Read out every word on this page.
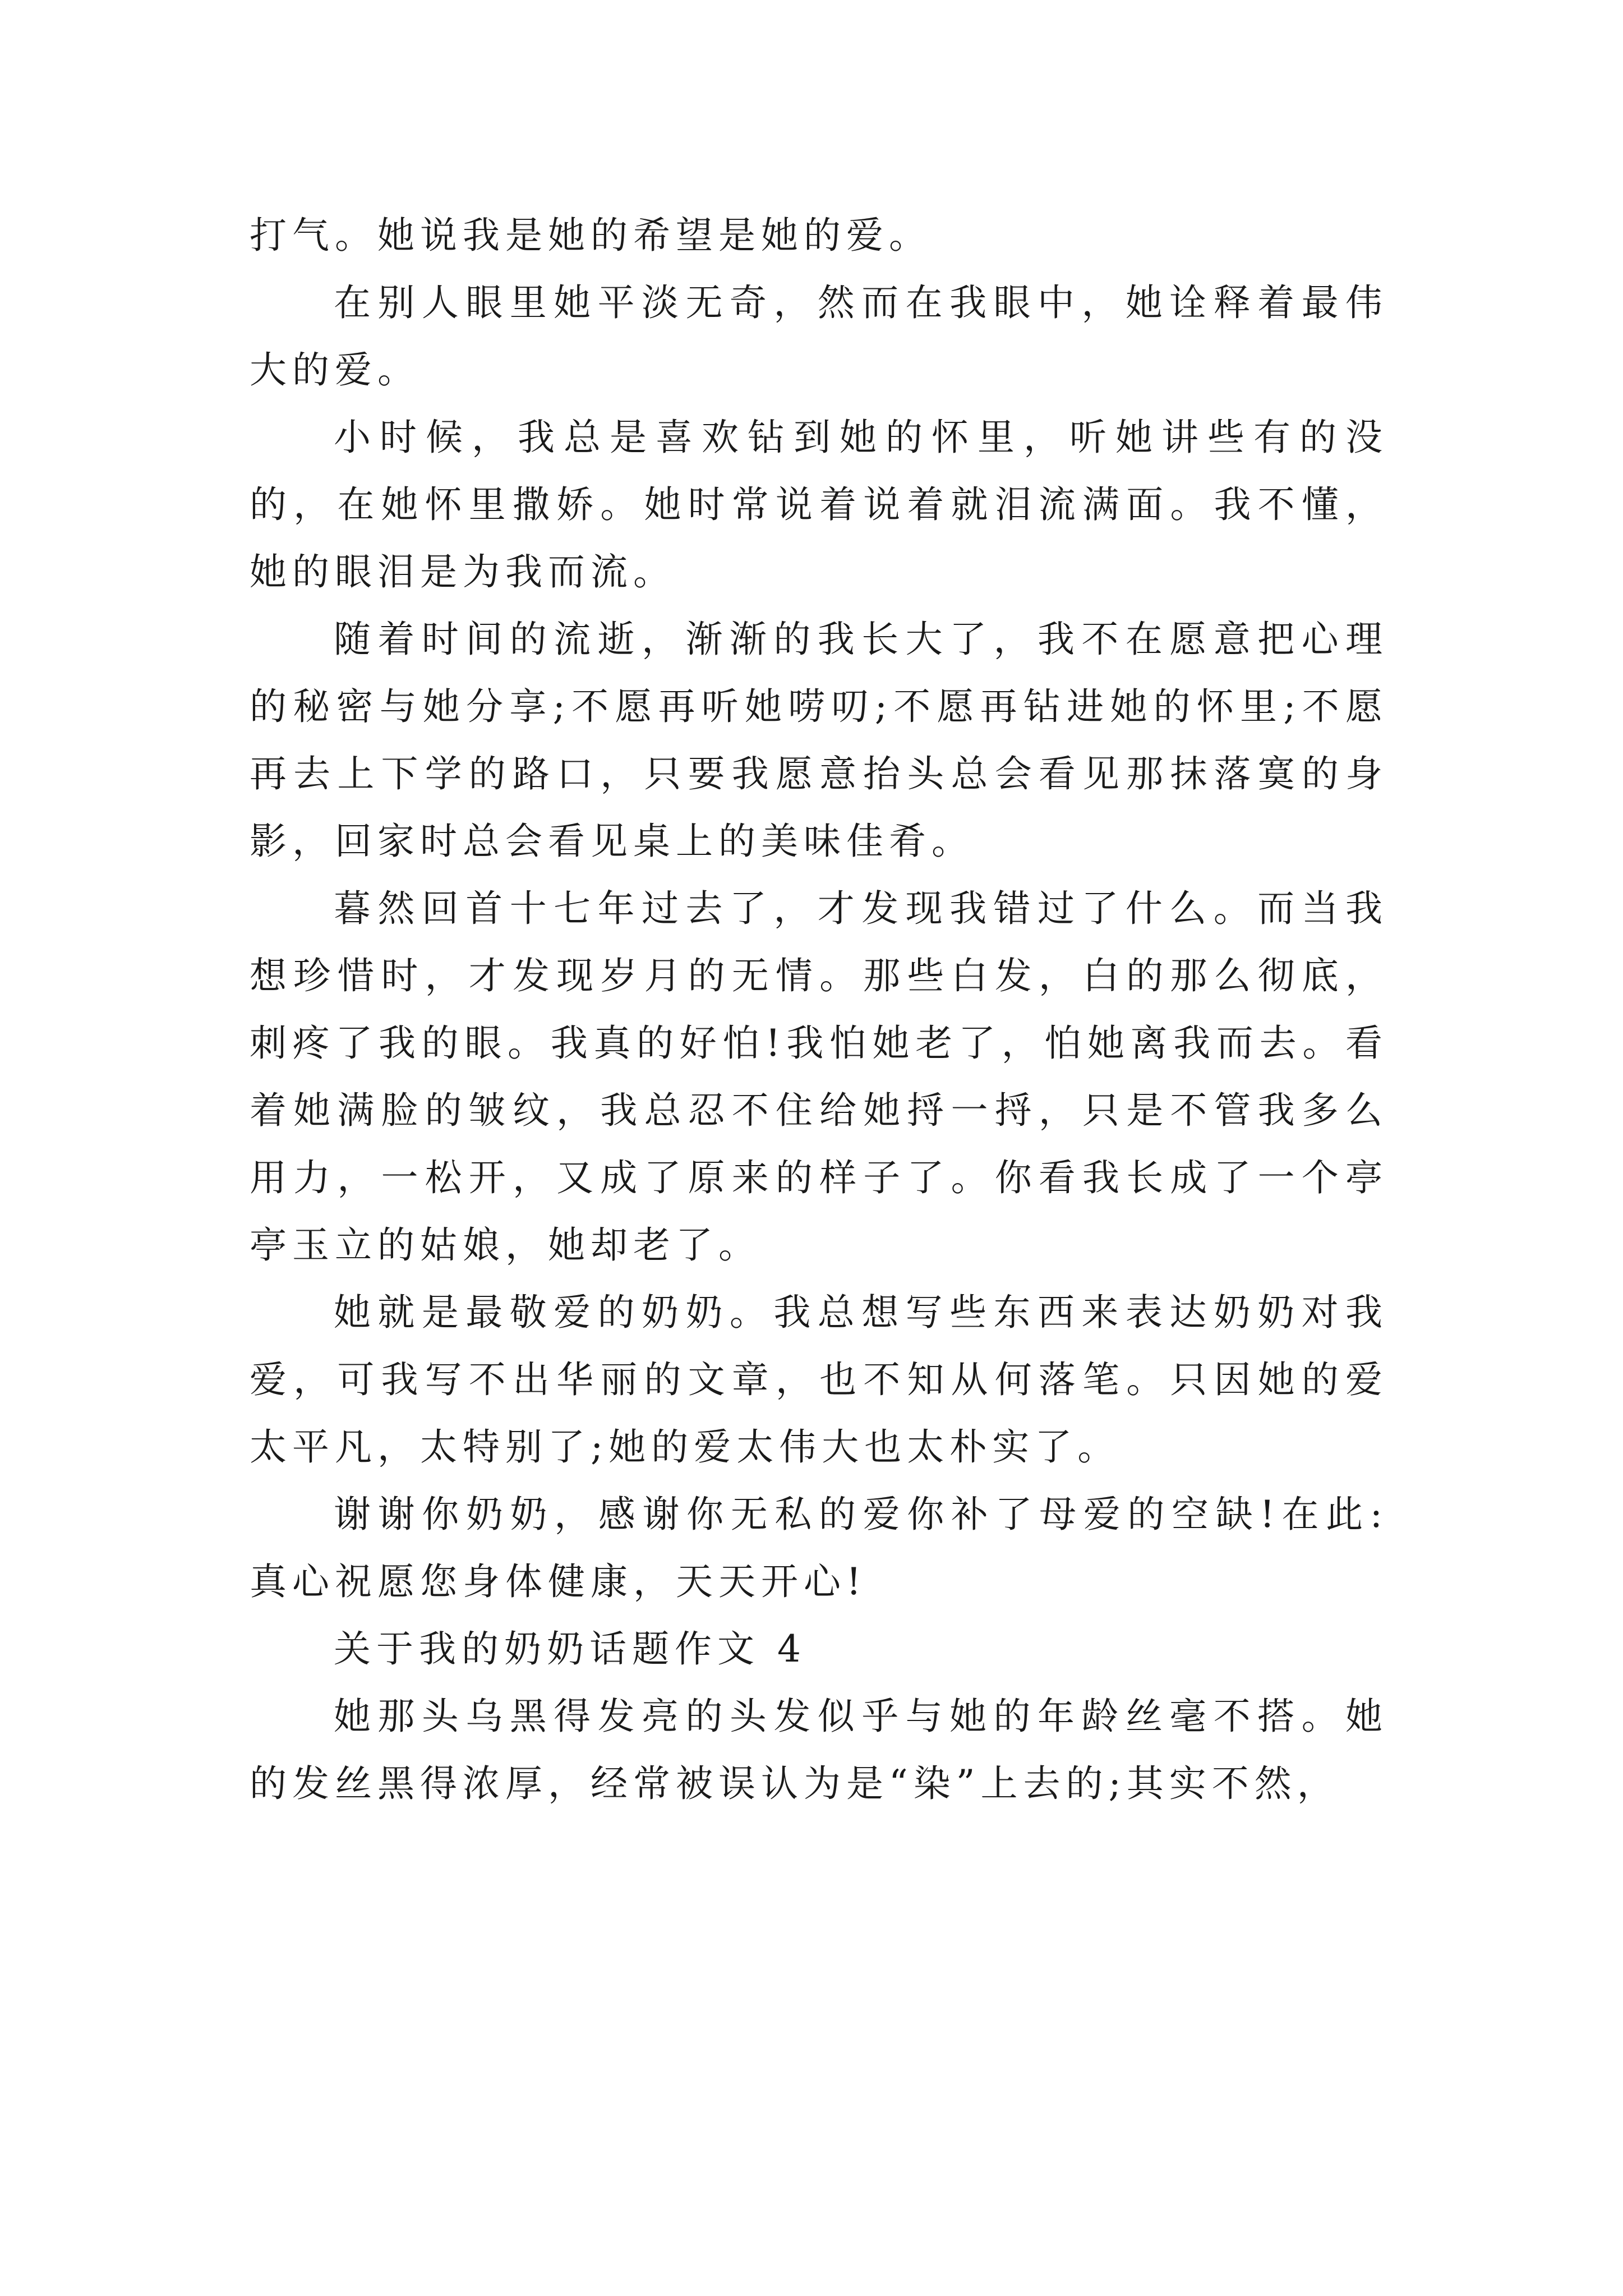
打气。她说我是她的希望是她的爱。

在别人眼里她平淡无奇，然而在我眼中，她诠释着最伟大的爱。

小时候，我总是喜欢钻到她的怀里，听她讲些有的没的，在她怀里撒娇。她时常说着说着就泪流满面。我不懂，她的眼泪是为我而流。

随着时间的流逝，渐渐的我长大了，我不在愿意把心理的秘密与她分享;不愿再听她唠叨;不愿再钻进她的怀里;不愿再去上下学的路口，只要我愿意抬头总会看见那抹落寞的身影，回家时总会看见桌上的美味佳肴。

暮然回首十七年过去了，才发现我错过了什么。而当我想珍惜时，才发现岁月的无情。那些白发，白的那么彻底，刺疼了我的眼。我真的好怕!我怕她老了，怕她离我而去。看着她满脸的皱纹，我总忍不住给她捋一捋，只是不管我多么用力，一松开，又成了原来的样子了。你看我长成了一个亭亭玉立的姑娘，她却老了。

她就是最敬爱的奶奶。我总想写些东西来表达奶奶对我爱，可我写不出华丽的文章，也不知从何落笔。只因她的爱太平凡，太特别了;她的爱太伟大也太朴实了。

谢谢你奶奶，感谢你无私的爱你补了母爱的空缺!在此:真心祝愿您身体健康，天天开心!

关于我的奶奶话题作文 4

她那头乌黑得发亮的头发似乎与她的年龄丝毫不搭。她的发丝黑得浓厚，经常被误认为是“染”上去的;其实不然，
